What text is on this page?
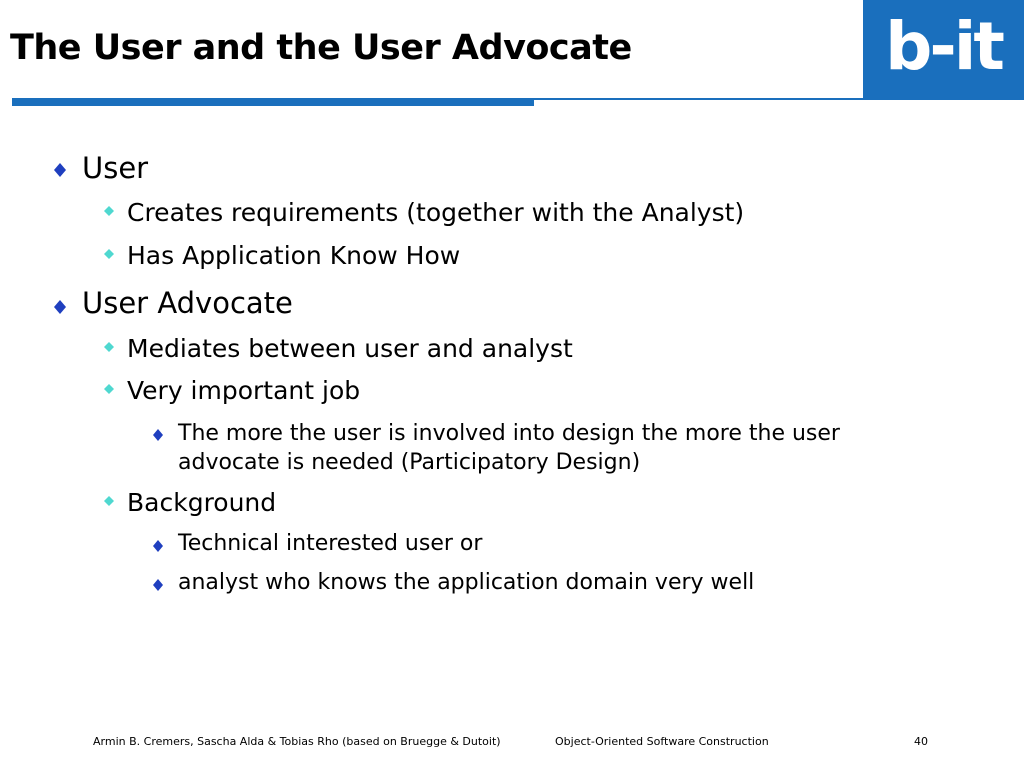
The User and the User Advocate	b-it
User
Creates requirements (together with the Analyst)
Has Application Know How
User Advocate
Mediates between user and analyst
Very important job
The more the user is involved into design the more the user
advocate is needed (Participatory Design)
Background
Technical interested user or
analyst who knows the application domain very well
Armin B. Cremers, Sascha Alda & Tobias Rho (based on Bruegge & Dutoit)	Object-Oriented Software Construction	40
